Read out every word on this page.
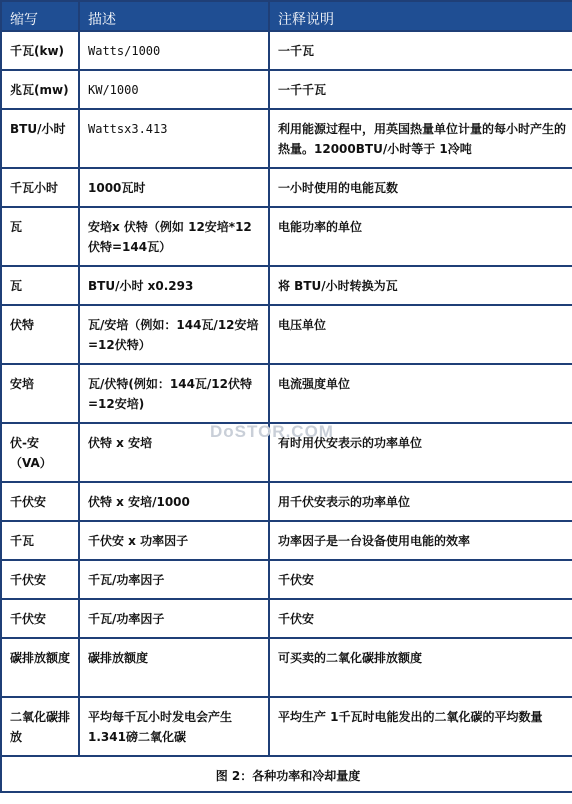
缩写	描述	注释说明
千瓦(kw)	Watts/1000	一千瓦
兆瓦(mw)	KW/1000	一千千瓦
BTU/小时	Wattsx3.413	利用能源过程中，用英国热量单位计量的每小时产生的热量。12000BTU/小时等于 1冷吨
千瓦小时	1000瓦时	一小时使用的电能瓦数
瓦	安培x 伏特（例如 12安培*12伏特=144瓦）	电能功率的单位
瓦	BTU/小时 x0.293	将 BTU/小时转换为瓦
伏特	瓦/安培（例如：144瓦/12安培=12伏特）	电压单位
安培	瓦/伏特(例如：144瓦/12伏特=12安培)	电流强度单位
伏-安（VA）	伏特 x 安培	有时用伏安表示的功率单位
千伏安	伏特 x 安培/1000	用千伏安表示的功率单位
千瓦	千伏安 x 功率因子	功率因子是一台设备使用电能的效率
千伏安	千瓦/功率因子	千伏安
千伏安	千瓦/功率因子	千伏安
碳排放额度	碳排放额度	可买卖的二氧化碳排放额度
二氧化碳排放	平均每千瓦小时发电会产生 1.341磅二氧化碳	平均生产 1千瓦时电能发出的二氧化碳的平均数量
图 2：各种功率和冷却量度		
DoSTOR.COM
